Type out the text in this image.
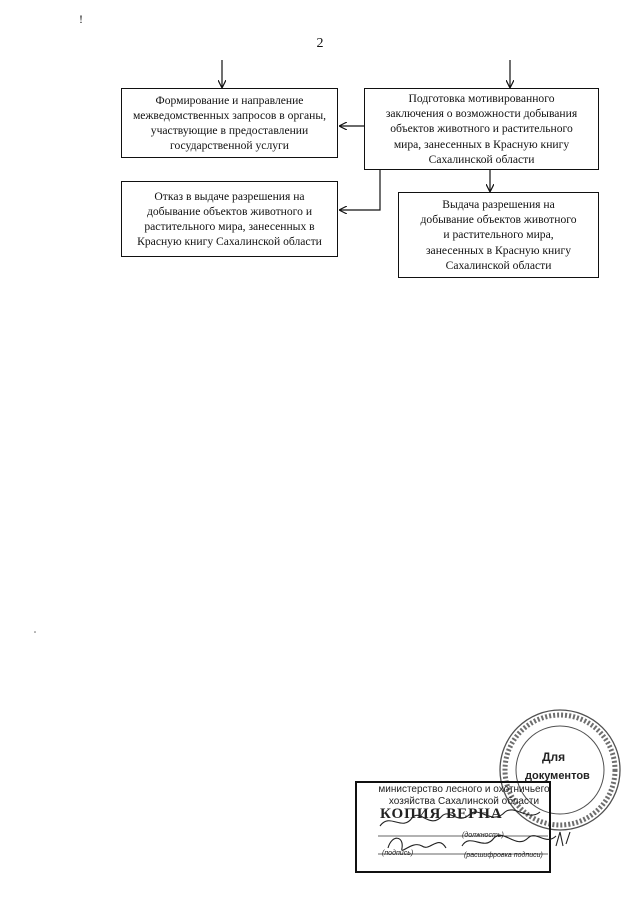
!
2
Формирование и направление
межведомственных запросов в органы,
участвующие в предоставлении
государственной услуги
Подготовка мотивированного
заключения о возможности добывания
объектов животного и растительного
мира, занесенных в Красную книгу
Сахалинской области
Отказ в выдаче разрешения на
добывание объектов животного и
растительного мира, занесенных в
Красную книгу Сахалинской области
Выдача разрешения на
добывание объектов животного
и растительного мира,
занесенных в Красную книгу
Сахалинской области
Для
документов
министерство лесного и охотничьего
хозяйства Сахалинской области
КОПИЯ ВЕРНА
(должность)
(подпись)	(расшифровка подписи)
